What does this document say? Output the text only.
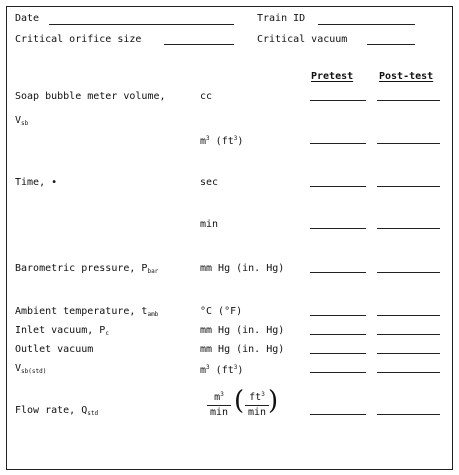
Date	Train ID
Critical orifice size	Critical vacuum
Pretest	Post-test
Soap bubble meter volume,	cc
$V_{sb}$
$m^3$ $(ft^3)$
Time, •	sec
min
Barometric pressure, $P_{bar}$	mm Hg (in. Hg)
Ambient temperature, $t_{amb}$	°C (°F)
Inlet vacuum, $P_c$	mm Hg (in. Hg)
Outlet vacuum	mm Hg (in. Hg)
$V_{sb(std)}$	$m^3$ $(ft^3)$
Flow rate, $Q_{std}$
$m^3$
min ( $ft^3$
min )
